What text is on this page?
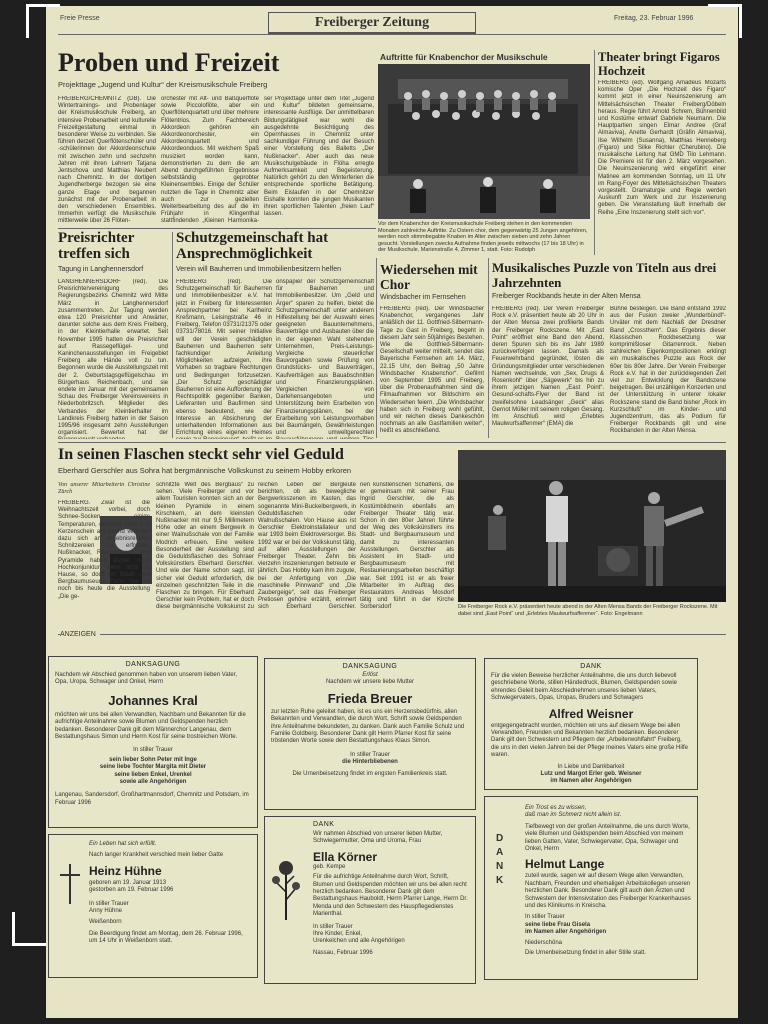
Freie Presse	Freiberger Zeitung	Freitag, 23. Februar 1996
Proben und Freizeit
Projekttage „Jugend und Kultur“ der Kreismusikschule Freiberg
FREIBERG/CHEMNITZ (DB). Die Wintertrainings- und Probenlager der Kreismusikschule Freiberg, an intensive Probenarbeit und kulturelle Freizeitgestaltung einmal in besonderer Weise zu verbinden. Sie führen derzeit Querflötenschüler und -schülerinnen der Akkordeonschule mit zwischen zehn und sechzehn Jahren mit ihren Lehrern Tatjana Jentschova und Matthias Neubert nach Chemnitz. In der dortigen Jugendherberge bezogen sie eine ganze Etage und begannen zunächst mit der Probenarbeit in den verschiedenen Ensembles. Immerhin verfügt die Musikschule mittlerweile über 26 Flöten-
orchester mit Alt- und Baßquerflöte sowie Piccoloflöte, aber ein Querflötenquartett und über mehrere Flötentrios. Zum Fachbereich Akkordeon gehören ein Akkordeonorchester, ein Akkordeonquartett und Akkordeonduos. Mit welchem Spaß musiziert worden kann, demonstrierten zu dem die am Abend durchgeführten Ergebnisse selbstständig geprobter Kleinensembles. Einige der Schüler nutzten die Tage in Chemnitz aber auch zur gezielten Weiterbearbeitung des auf die im Frühjahr in Klingenthal stattfindenden „Kleinen Harmonika-
ser Projekttage unter dem Titel „Jugend und Kultur“ bildeten gemeinsame, interessante Ausflüge. Der unmittelbaren Bildungstätigkeit war wohl die ausgedehnte Besichtigung des Opernhauses in Chemnitz unter sachkundiger Führung und der Besuch einer Vorstellung des Balletts „Der Nußknacker“. Aber auch das neue Musikschulgebäude in Flöha erregte Aufmerksamkeit und Begeisterung. Natürlich gehört zu den Winterferien die entsprechende sportliche Betätigung. Beim Eislaufen in der Chemnitzer Eishalle konnten die jungen Musikanten ihren sportlichen Talenten „freien Lauf“ lassen.
Auftritte für Knabenchor der Musikschule
Vor dem Knabenchor der Kreismusikschule Freiberg stehen in den kommenden Monaten zahlreiche Auftritte. Zu Ostern chor, dem gegenwärtig 25 Jungen angehören, werden noch stimmbegabte Knaben im Alter zwischen sieben und zehn Jahren gesucht. Vorstellungen zwecks Aufnahme finden jeweils mittwochs (17 bis 18 Uhr) in der Musikschule, Marienstraße 4, Zimmer 1, statt. Foto: Rudolph
Theater bringt Figaros Hochzeit
FREIBERG (ed). Wolfgang Amadeus Mozarts komische Oper „Die Hochzeit des Figaro“ kommt jetzt in einer Neuinszenierung am Mittelsächsischen Theater Freiberg/Döbeln heraus. Regie führt Arnold Schrem, Bühnenbild und Kostüme entwarf Gabriele Neumann. Die Hauptpartien singen Elmar Andree (Graf Almaviva), Anette Gerhardt (Gräfin Almaviva), Ilse Wilhelm (Susanna), Matthias Henneberg (Figaro) und Silke Richter (Cherubino). Die musikalische Leitung hat GMD Tilo Lehmann. Die Premiere ist für den 2. März vorgesehen. Die Neuinszenierung wird eingeführt einer Matinee am kommenden Sonntag, um 11 Uhr im Rang-Foyer des Mittelsächsischen Theaters vorgestellt. Dramaturgie und Regie werden Auskunft zum Werk und zur Inszenierung geben. Die Veranstaltung läuft innerhalb der Reihe „Eine Inszenierung stellt sich vor“.
Preisrichter treffen sich
Tagung in Langhennersdorf
LANGHENNERSDORF (red). Die Preisrichtervereinigung des Regierungsbezirks Chemnitz wird Mitte März in Langhennersdorf zusammentreten. Zur Tagung werden etwa 120 Preisrichter und Anwärter, darunter solche aus dem Kreis Freiberg, in der Kleintierhalle erwartet. Seit November 1995 hatten die Preisrichter auf Rassegeflügel- und Kaninchenausstellungen im Freigebiet Freiberg alle Hände voll zu tun. Begonnen wurde die Ausstellungszeit mit der 2. Geburtstagsgeflügelschau im Bürgerhaus Reichenbach, und sie endete im Januar mit der gemeinsamen Schau des Freiberger Vereinsvereins in Niederbobritzsch. Mitglieder des Verbandes der Kleintierhalter im Landkreis Freiberg hatten in der Saison 1995/96 insgesamt zehn Ausstellungen organisiert. Bewertet hat der
Schutzgemeinschaft hat Ansprechmöglichkeit
Verein will Bauherren und Immobilienbesitzern helfen
FREIBERG (red). Die Schutzgemeinschaft für Bauherren und Immobilienbesitzer e.V. hat jetzt in Freiberg für Interessenten Ansprechpartner bei Karlheinz Kreßmann, Leisingstraße 46 in Freiberg, Telefon 03731/21375 oder 03731/78016. Mit seiner Initiative will der Verein geschädigten Bauherren und Bauherren sehr fachkundiger Anleitung Möglichkeiten aufzeigen, ihre Vorhaben so tragbare Rechtungen und Bedingungen fortzusetzen. „Der Schutz geschädigter Bauherren ist eine Aufforderung der Rechtspolitik gegenüber Banken, Lieferanten und Baufirmen sind ebenso bedeutend, wie der Interesse an Absicherung der unterhaltenden Informationen aus Errichtung eines eigenen Heimes
onspapier der Schutzgemeinschaft für Bauherren und Immobilienbesitzer. Um „Geld und Ärger“ sparen zu helfen, bietet die Schutzgemeinschaft unter anderem Hilfestellung bei der Auswahl eines geeigneten Bauunternehmens, Bauverträge und Ausbauten über die in der eigenen Wahl stehenden Unternehmen, Preis-Leistungs-Vergleiche steuerlicher Bauvorgaben sowie Prüfung von Grundstücks- und Bauverträgen, Kaufverträgen aus Bauabschnitten und Finanzierungsplänen. Vergleichen von Darlehensangeboten und Unterstützung beim Erarbeiten von Finanzierungsplänen, bei der Erarbeitung von Leistungsvorhaben bei Baumängeln, Gewährleistungen und umweltgerechten
Wiedersehen mit Chor
Windsbacher im Fernsehen
FREIBERG (red). Der Windsbacher Knabenchor, vergangenes Jahr anläßlich der 11. Gottfried-Silbermann-Tage zu Gast in Freiberg, begeht in diesem Jahr sein 50jähriges Bestehen. Wie die Gottfried-Silbermann-Gesellschaft weiter mitteilt, sendet das Bayerische Fernsehen am 14. März, 22.15 Uhr, den Beitrag „50 Jahre Windsbacher Knabenchor“. Gefilmt von September 1995 und Freiberg, über die Probenaufnahmen sind die Filmaufnahmen vor Bildschirm ein Wiedersehen feiern. „Die Windsbacher haben sich in Freiberg wohl gefühlt, und wir reichen dieses Dankeschön nochmals an alle Gastfamilien weiter“, heißt es abschließend.
Musikalisches Puzzle von Titeln aus drei Jahrzehnten
Freiberger Rockbands heute in der Alten Mensa
FREIBERG (red). Der Verein Freiberger Rock e.V. präsentiert heute ab 20 Uhr in der Alten Mensa zwei profilierte Bands der Freiberger Rockszene. Mit „East Point“ eröffnet eine Band den Abend, deren Spuren sich bis ins Jahr 1989 zurückverfolgen lassen. Damals als Feuerwehrband gegründet, lösten die Gründungsmitglieder unter verschiedenen Namen wechselnde, von „Sex, Drugs & Rosenkohl“ über „Sägewerk“ bis hin zu ihrem jetzigen Namen „East Point“. Gesund-schafts-Flyer der Band ist zweifelsohne Leadsänger „Geck“ alias Gernot Müller mit seinem rotigen Gesang. Im Anschluß wird „Erlebtes Maulwurfsaffenmer“ (EMA) die
Bühne besteigen. Die Band entstand 1992 aus der Fusion zweier „Wunderbündl“-Urväter mit dem Nachlaß der Dresdner Band „Crossthem“. Das Ergebnis dieser Klassischen Rockbesetzung war komprimißloser Gitarrenrock. Neben zahlreichen Eigenkompositionen erklingt ein musikalisches Puzzle aus Rock der 60er bis 80er Jahre. Der Verein Freiberger Rock e.V. hat in der zurückliegenden Zeit viel zur Entwicklung der Bandszene beigetragen. Bei unzähligen Konzerten und der Unterstützung in unterer lokaler Rockszene stand die Band bisher „Rock im Kurzschluß“ im Kinder- und Jugendzentrum, das als Podium für Freiberger Rockbands gilt und eine Rockbanden in der Alten Mensa.
In seinen Flaschen steckt sehr viel Geduld
Eberhard Gerschler aus Sohra hat bergmännische Volkskunst zu seinem Hobby erkoren
Von unserer Mitarbeiterin Christine Zürch
FREIBERG. Zwar ist die Weihnachtszeit vorbei, doch Schnee-Socken, einige Temperaturen, geheizte Öfen und Kerzenschein am Abend verleiten dazu sich an ergebnisreichen Schnitzereien zu erfreuen. Nußknacker, Räuchermann und Pyramide haben immer noch Hochkonjunktur, wenn nicht zu Hause, so doch im Stadt- und Bergbaumuseum. Denn hier ist noch bis heute die Ausstellung „Die ge-
schnitzte Welt des Bergbaus“ zu sehen. Viele Freiberger und vor allem Touristen konnten sich an der kleinen Pyramide in einem Kirschkern, an dem kleinsten Nußknacker mit nur 9,5 Millimetern Höhe oder an einem Bergwerk in einer Walnußschale von der Familie Modrich erfreuen. Eine weitere Besonderheit der Ausstellung sind die Geduldsflaschen des Sohraer Volkskünstlers Eberhard Gerschler. Und wie der Name schon sagt, ist sicher viel Geduld erforderlich, die einzelnen geschnitzten Teile in die Flaschen zu bringen. Für Eberhard Gerschler kein Problem, hat er doch diese bergmännische Volkskunst zu
reichen Leben der Bergleute berichten, ob als bewegliche Bergwerksszenen im Kasten, das sogenannte Mini-Buckelbergwerk, in Geduldsflaschen oder Walnußschalen. Von Hause aus ist Gerschler Elektroinstallateur und war 1993 beim Elektroversorger. Bis 1992 war er bei der Volkskunst tätig, auf allen Ausstellungen der Freiberger Theater. Zehn bis vierzehn Inszenierungen betreute er jährlich. Das Hobby kam ihm zugute, bei der Anfertigung von „Die maschinelle Pinnwand“ und „Die Zaubergeige“, seit das Freiberger Pretiosen gehöre erzählt, erinnert sich Eberhard Gerschler.
nen künstlerischen Schaffens, die er gemeinsam mit seiner Frau Ingrid Gerschler, die als Kostümbildnerin ebenfalls am Freiberger Theater tätig war. Schon in den 80er Jahren führte der Weg des Volkskünstlers ins Stadt- und Bergbaumuseum und damit zu interessanten Ausstellungen. Gerschler als Assistent im Stadt- und Bergbaumuseum mit Restaurierungsarbeiten beschäftigt war. Seit 1991 ist er als freier Mitarbeiter im Auftrag des Restaurators Andreas Mosdorf tätig und führt in der Kirche Sorbersdorf	Die Freiberger Rock e.V. präsentiert heute abend in der Alten Mensa Bands der Freiberger Rockszene. Mit dabei sind „East Point“ und „Erlebtes Maulwurfsaffenmer“. Foto: Engelmann
ANZEIGEN
DANKSAGUNG
Nachdem wir Abschied genommen haben von unserem lieben Vater, Opa, Uropa, Schwager und Onkel, Herrn
Johannes Kral
möchten wir uns bei allen Verwandten, Nachbarn und Bekannten für die aufrichtige Anteilnahme sowie Blumen und Geldspenden herzlich bedanken. Besonderer Dank gilt dem Männerchor Langenau, dem Bestattungshaus Simon und Herrn Kost für seine trostreichen Worte.
In stiller Trauer
sein lieber Sohn Peter mit Inge
seine liebe Tochter Margita mit Dieter
seine lieben Enkel, Urenkel
sowie alle Angehörigen
Langenau, Sandersdorf, Großhartmannsdorf, Chemnitz und Potsdam, im Februar 1996
DANKSAGUNG
Erlöst
Nachdem wir unsere liebe Mutter
Frieda Breuer
zur letzten Ruhe geleitet haben, ist es uns ein Herzensbedürfnis, allen Bekannten und Verwandten, die durch Wort, Schrift sowie Geldspenden ihre Anteilnahme bekundeten, zu danken. Dank auch Familie Schulz und Familie Goldberg. Besonderer Dank gilt Herrn Pfarrer Kost für seine tröstenden Worte sowie dem Bestattungshaus Klaus Simon.
In stiller Trauer
die Hinterbliebenen
Die Urnenbeisetzung findet im engsten Familienkreis statt.
DANK
Für die vielen Beweise herzlicher Anteilnahme, die uns durch liebevoll geschriebene Worte, stillen Händedruck, Blumen, Geldspenden sowie ehrendes Geleit beim Abschiednehmen unseres lieben Vaters, Schwiegervaters, Opas, Uropas, Bruders und Schwagers
Alfred Weisner
entgegengebracht wurden, möchten wir uns auf diesem Wege bei allen Verwandten, Freunden und Bekannten herzlich bedanken. Besonderer Dank gilt den Schwestern und Pflegern der „Arbeiterwohlfahrt“ Freiberg, die uns in den vielen Jahren bei der Pflege meines Vaters eine große Hilfe waren.
In Liebe und Dankbarkeit
Lutz und Margot Erler geb. Weisner
im Namen aller Angehörigen
Ein Leben hat sich erfüllt.
Nach langer Krankheit verschied mein lieber Gatte
Heinz Hühne
geboren am 19. Januar 1913
gestorben am 19. Februar 1996
In stiller Trauer
Anny Hühne
Weißenborn
Die Beerdigung findet am Montag, dem 26. Februar 1996, um 14 Uhr in Weißenborn statt.
DANK
Wir nahmen Abschied von unserer lieben Mutter, Schwiegermutter, Oma und Uroma, Frau
Ella Körner
geb. Kempe
Für die aufrichtige Anteilnahme durch Wort, Schrift, Blumen und Geldspenden möchten wir uns bei allen recht herzlich bedanken. Besonderer Dank gilt dem Bestattungshaus Hauboldt, Herrn Pfarrer Lange, Herrn Dr. Menda und den Schwestern des Hauspflegedienstes Marienthal.
In stiller Trauer
Ihre Kinder, Enkel,
Urenkelchen und alle Angehörigen
Nassau, Februar 1996
Ein Trost es zu wissen,
daß man im Schmerz nicht allein ist.
Tiefbewegt von der großen Anteilnahme, die uns durch Worte, viele Blumen und Geldspenden beim Abschied von meinem lieben Gatten, Vater, Schwiegervater, Opa, Schwager und Onkel, Herrn
Helmut Lange
zuteil wurde, sagen wir auf diesem Wege allen Verwandten, Nachbarn, Freunden und ehemaligen Arbeitskollegen unseren herzlichen Dank. Besonderer Dank gilt auch den Ärzten und Schwestern der Intensivstation des Freiberger Krankenhauses und des Klinikums in Kreischa.
In stiller Trauer
seine liebe Frau Gisela
im Namen aller Angehörigen
Niederschöna
Die Urnenbeisetzung findet in aller Stille statt.
D A N K
